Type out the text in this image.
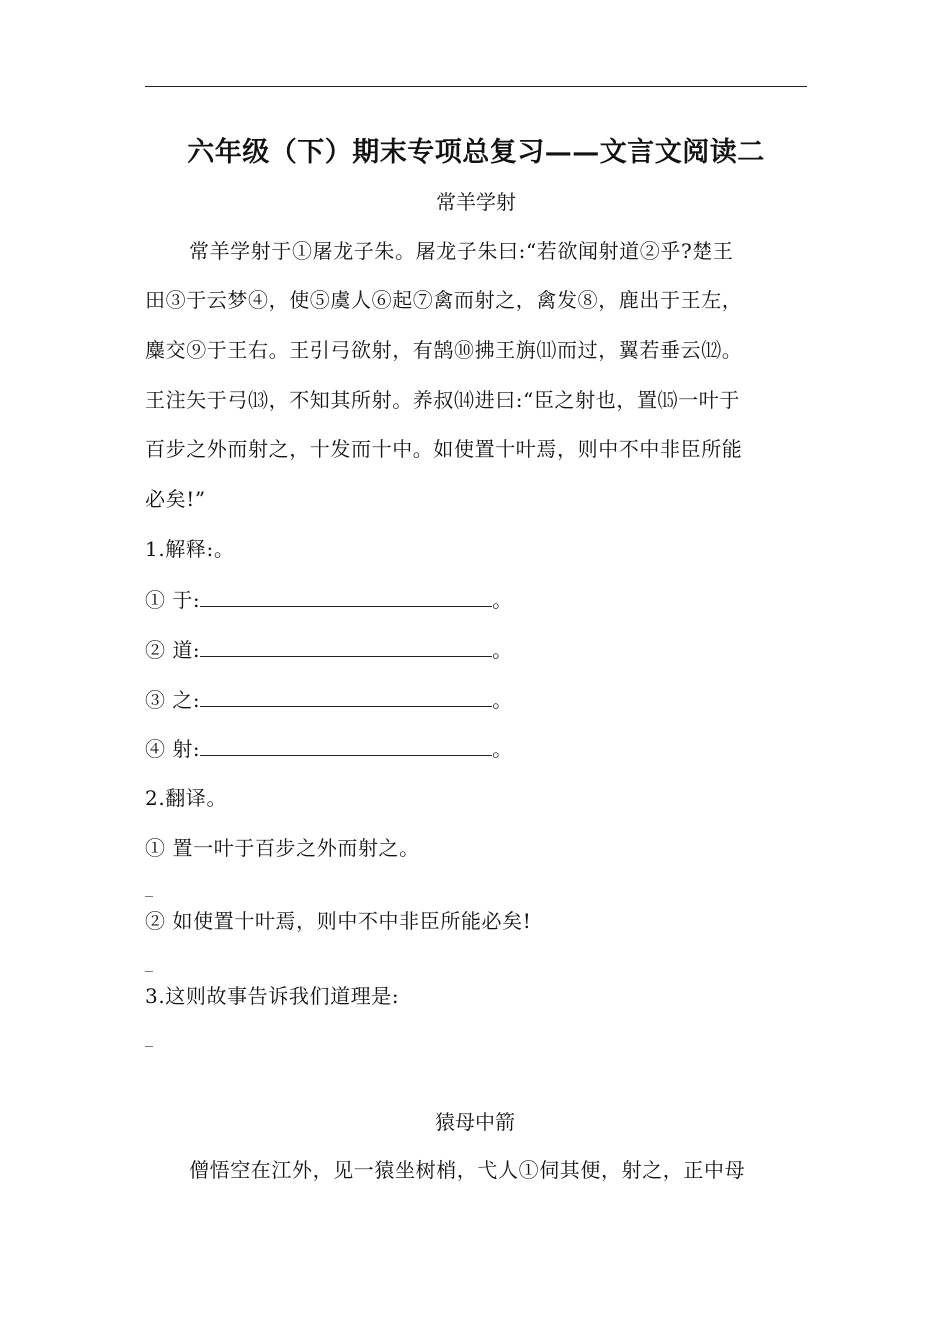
六年级（下）期末专项总复习——文言文阅读二
常羊学射
常羊学射于①屠龙子朱。屠龙子朱曰:“若欲闻射道②乎?楚王
田③于云梦④，使⑤虞人⑥起⑦禽而射之，禽发⑧，鹿出于王左，
麋交⑨于王右。王引弓欲射，有鹄⑩拂王旃⑾而过，翼若垂云⑿。
王注矢于弓⒀，不知其所射。养叔⒁进曰:“臣之射也，置⒂一叶于
百步之外而射之，十发而十中。如使置十叶焉，则中不中非臣所能
必矣!”
1.解释:。
① 于:	。
② 道:	。
③ 之:	。
④ 射:	。
2.翻译。
① 置一叶于百步之外而射之。
_
② 如使置十叶焉，则中不中非臣所能必矣!
_
3.这则故事告诉我们道理是:
_
猿母中箭
僧悟空在江外，见一猿坐树梢，弋人①伺其便，射之，正中母
